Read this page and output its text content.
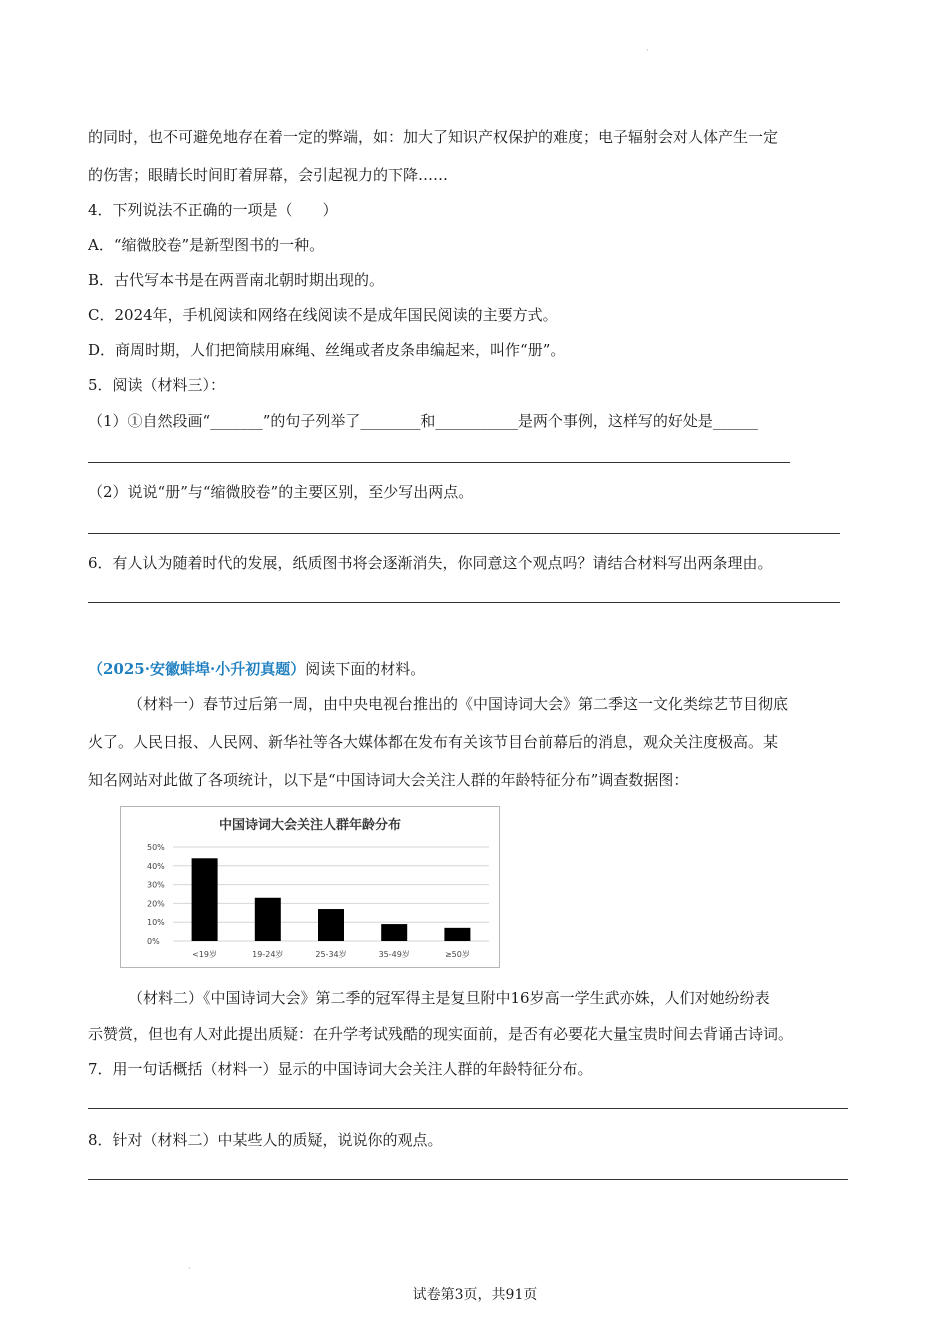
的同时，也不可避免地存在着一定的弊端，如：加大了知识产权保护的难度；电子辐射会对人体产生一定
的伤害；眼睛长时间盯着屏幕，会引起视力的下降……
4．下列说法不正确的一项是（　　）
A．“缩微胶卷”是新型图书的一种。
B．古代写本书是在两晋南北朝时期出现的。
C．2024年，手机阅读和网络在线阅读不是成年国民阅读的主要方式。
D．商周时期，人们把简牍用麻绳、丝绳或者皮条串编起来，叫作“册”。
5．阅读（材料三）：
（1）①自然段画“_______”的句子列举了________和___________是两个事例，这样写的好处是______
（2）说说“册”与“缩微胶卷”的主要区别，至少写出两点。
6．有人认为随着时代的发展，纸质图书将会逐渐消失，你同意这个观点吗？请结合材料写出两条理由。
（2025·安徽蚌埠·小升初真题）阅读下面的材料。
（材料一）春节过后第一周，由中央电视台推出的《中国诗词大会》第二季这一文化类综艺节目彻底
火了。人民日报、人民网、新华社等各大媒体都在发布有关该节目台前幕后的消息，观众关注度极高。某
知名网站对此做了各项统计，以下是“中国诗词大会关注人群的年龄特征分布”调查数据图：
中国诗词大会关注人群年龄分布
0%
10%
20%
30%
40%
50%
<19岁	19-24岁	25-34岁	35-49岁	≥50岁
（材料二）《中国诗词大会》第二季的冠军得主是复旦附中16岁高一学生武亦姝，人们对她纷纷表
示赞赏，但也有人对此提出质疑：在升学考试残酷的现实面前，是否有必要花大量宝贵时间去背诵古诗词。
7．用一句话概括（材料一）显示的中国诗词大会关注人群的年龄特征分布。
8．针对（材料二）中某些人的质疑，说说你的观点。
试卷第3页，共91页
·
·
